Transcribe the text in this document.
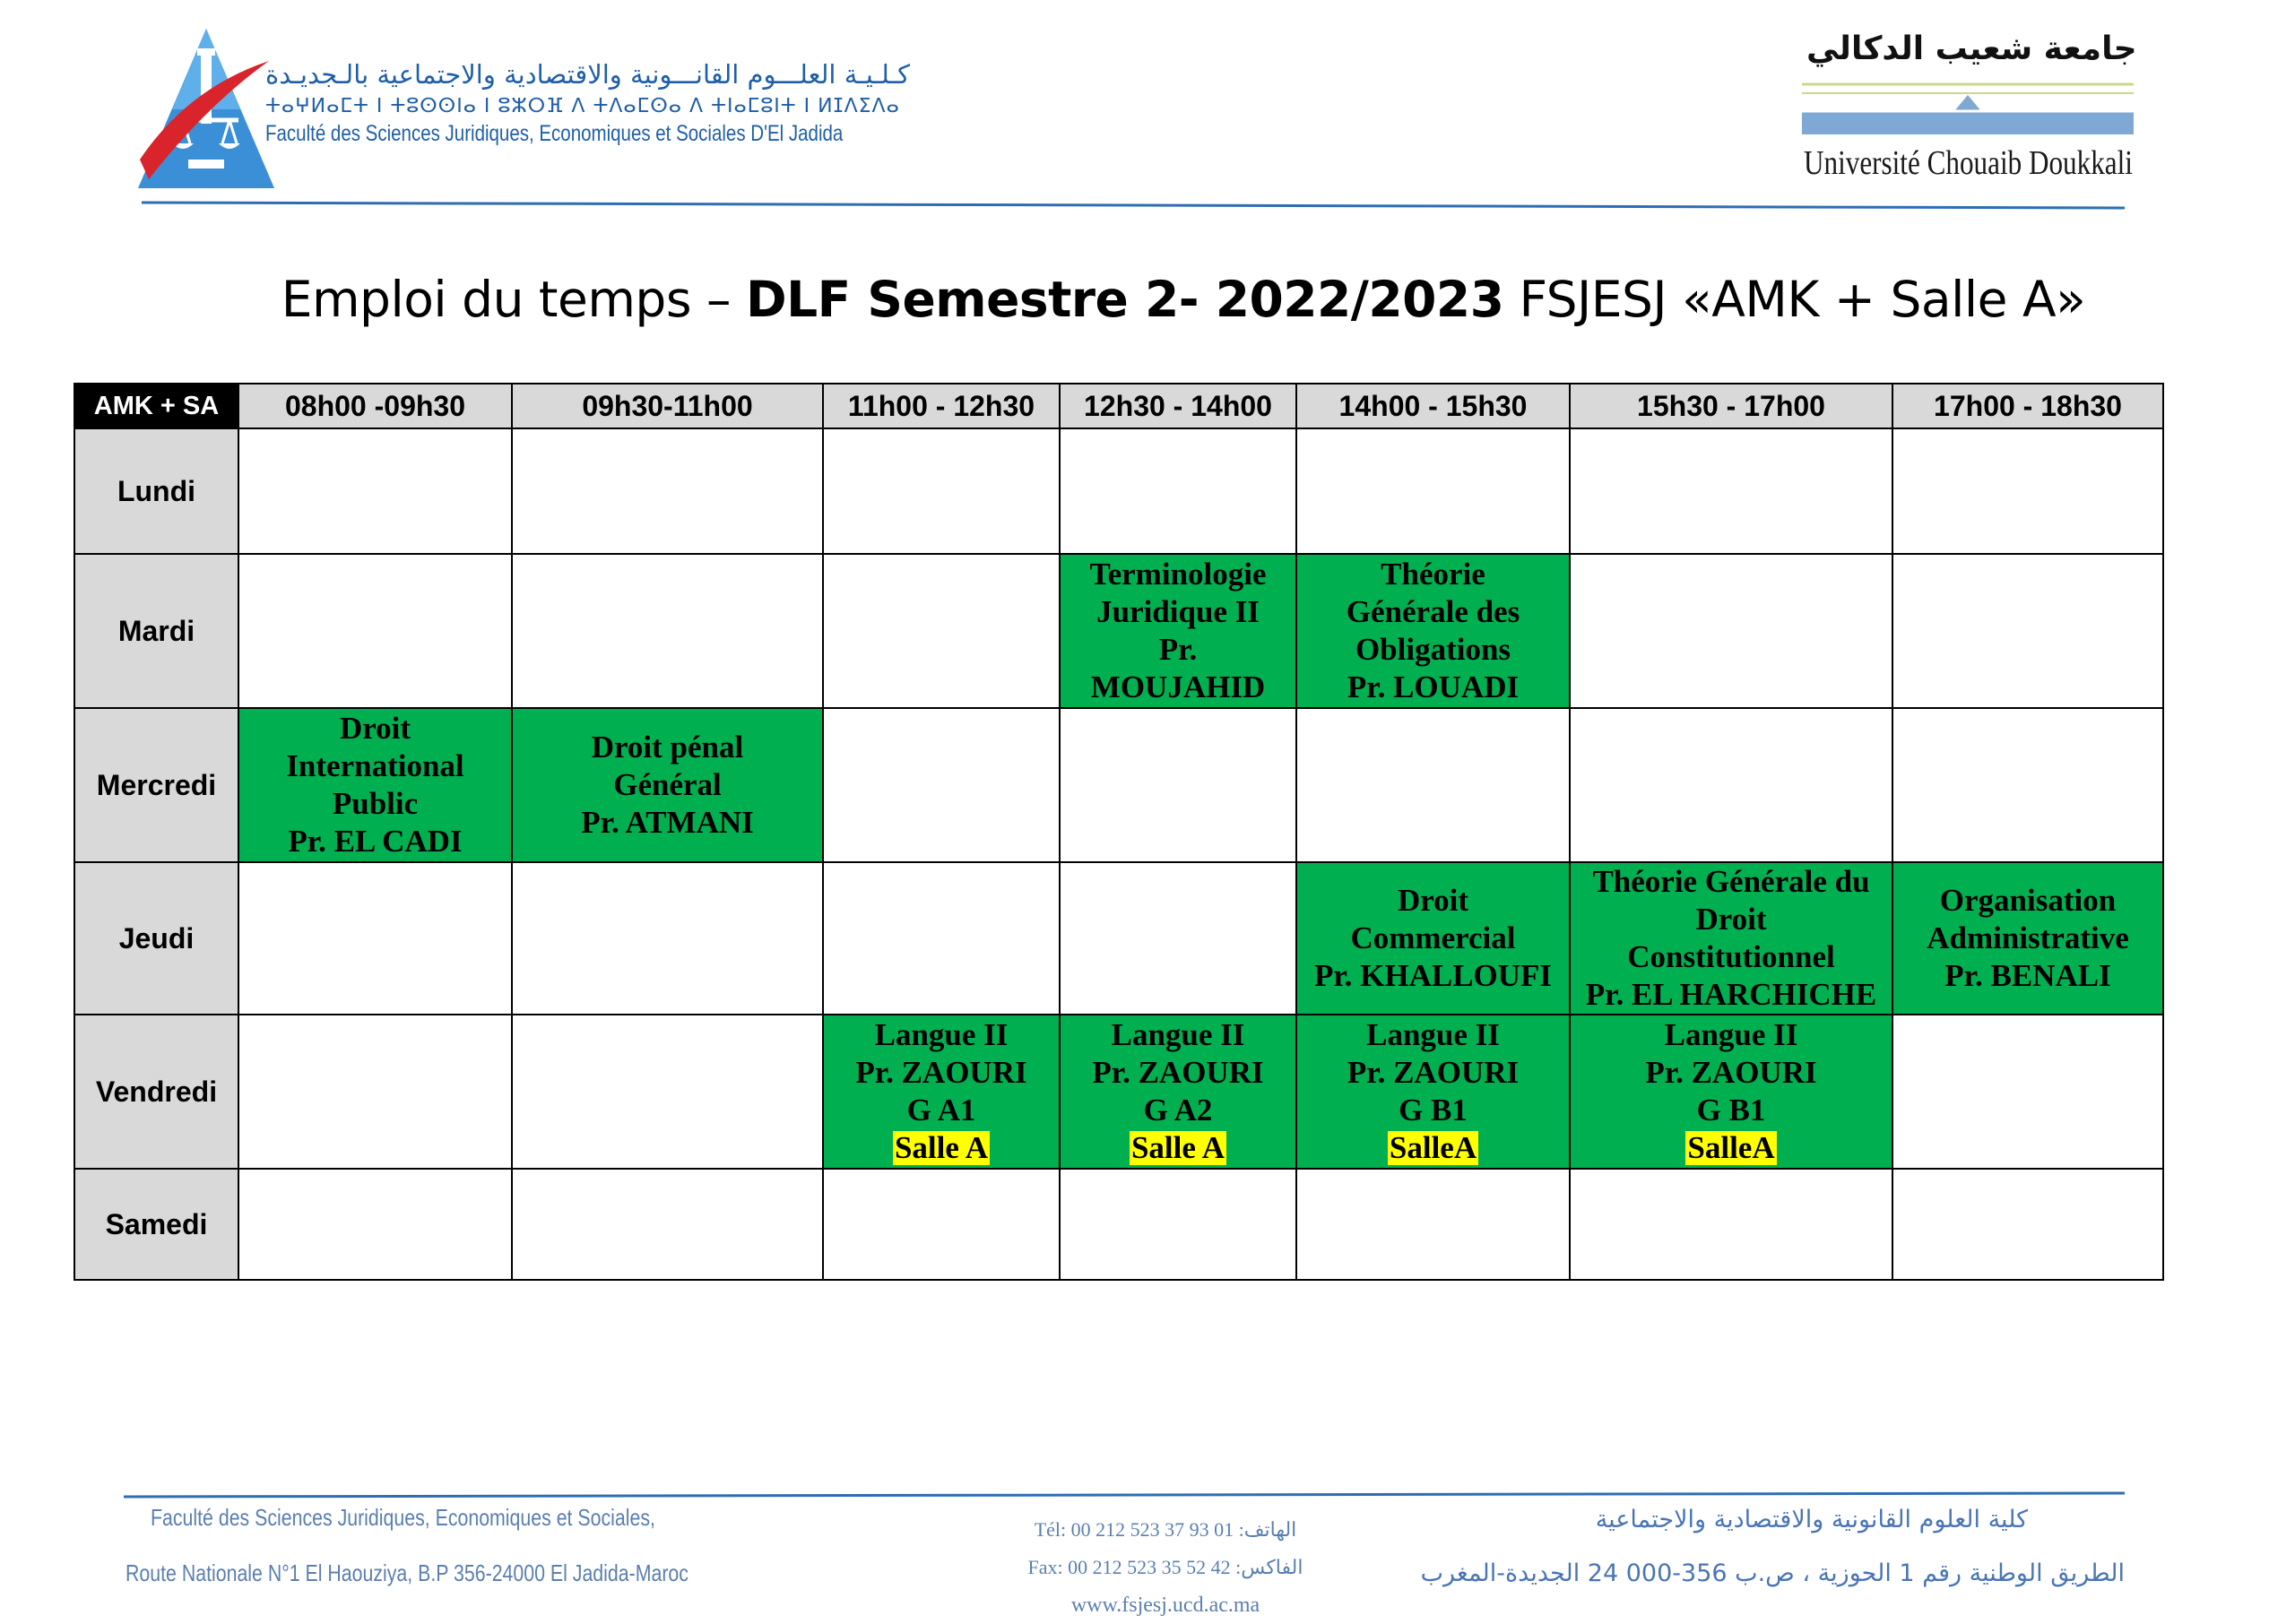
كـلـيـة العلـــوم القانـــونية والاقتصادية والاجتماعية بالـجديـدة
ⵜⴰⵖⵍⴰⵎⵜ ⵏ ⵜⵓⵙⵙⵏⴰ ⵏ ⵓⵣⵔⴼ ⴷ ⵜⴷⴰⵎⵙⴰ ⴷ ⵜⵏⴰⵎⵓⵏⵜ ⵏ ⵍⵊⴷⵉⴷⴰ
Faculté des Sciences Juridiques, Economiques et Sociales D'El Jadida
جامعة شعيب الدكالي
Université Chouaib Doukkali
Emploi du temps – DLF Semestre 2- 2022/2023 FSJESJ «AMK + Salle A»
AMK + SA	08h00 -09h30	09h30-11h00	11h00 - 12h30	12h30 - 14h00	14h00 - 15h30	15h30 - 17h00	17h00 - 18h30
Lundi							
Mardi				Terminologie
Juridique II
Pr.
MOUJAHID	Théorie
Générale des
Obligations
Pr. LOUADI		

Mercredi	Droit
International
Public
Pr. EL CADI	Droit pénal
Général
Pr. ATMANI					

Jeudi					Droit
Commercial
Pr. KHALLOUFI	Théorie Générale du
Droit
Constitutionnel
Pr. EL HARCHICHE	Organisation
Administrative
Pr. BENALI

Vendredi			Langue II
Pr. ZAOURI
G A1
Salle A	Langue II
Pr. ZAOURI
G A2
Salle A	Langue II
Pr. ZAOURI
G B1
SalleA	Langue II
Pr. ZAOURI
G B1
SalleA	
Samedi							
Faculté des Sciences Juridiques, Economiques et Sociales,
Route Nationale N°1 El Haouziya, B.P 356-24000 El Jadida-Maroc
Tél: 00 212 523 37 93 01 :الهاتف
Fax: 00 212 523 35 52 42 :الفاكس
www.fsjesj.ucd.ac.ma
كلية العلوم القانونية والاقتصادية والاجتماعية
الطريق الوطنية رقم 1 الحوزية ، ص.ب 356-000 24 الجديدة-المغرب
